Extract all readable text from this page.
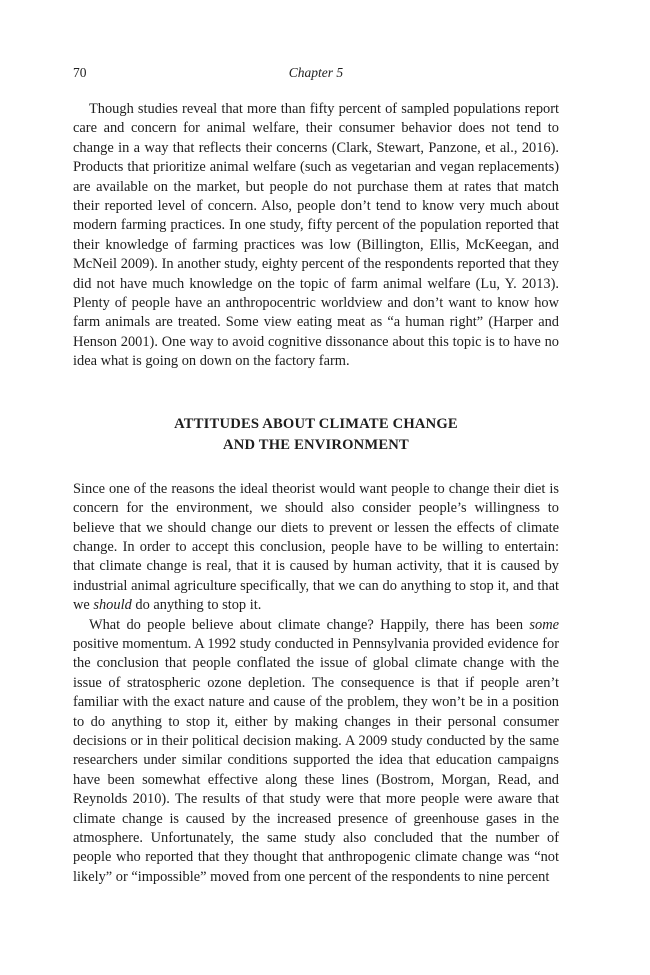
70	Chapter 5

Though studies reveal that more than fifty percent of sampled populations report care and concern for animal welfare, their consumer behavior does not tend to change in a way that reflects their concerns (Clark, Stewart, Panzone, et al., 2016). Products that prioritize animal welfare (such as vegetarian and vegan replacements) are available on the market, but people do not purchase them at rates that match their reported level of concern. Also, people don’t tend to know very much about modern farming practices. In one study, fifty percent of the population reported that their knowledge of farming practices was low (Billington, Ellis, McKeegan, and McNeil 2009). In another study, eighty percent of the respondents reported that they did not have much knowledge on the topic of farm animal welfare (Lu, Y. 2013). Plenty of people have an anthropocentric worldview and don’t want to know how farm animals are treated. Some view eating meat as “a human right” (Harper and Henson 2001). One way to avoid cognitive dissonance about this topic is to have no idea what is going on down on the factory farm.

ATTITUDES ABOUT CLIMATE CHANGE
AND THE ENVIRONMENT

Since one of the reasons the ideal theorist would want people to change their diet is concern for the environment, we should also consider people’s willingness to believe that we should change our diets to prevent or lessen the effects of climate change. In order to accept this conclusion, people have to be willing to entertain: that climate change is real, that it is caused by human activity, that it is caused by industrial animal agriculture specifically, that we can do anything to stop it, and that we should do anything to stop it.

What do people believe about climate change? Happily, there has been some positive momentum. A 1992 study conducted in Pennsylvania provided evidence for the conclusion that people conflated the issue of global climate change with the issue of stratospheric ozone depletion. The consequence is that if people aren’t familiar with the exact nature and cause of the problem, they won’t be in a position to do anything to stop it, either by making changes in their personal consumer decisions or in their political decision making. A 2009 study conducted by the same researchers under similar conditions supported the idea that education campaigns have been somewhat effective along these lines (Bostrom, Morgan, Read, and Reynolds 2010). The results of that study were that more people were aware that climate change is caused by the increased presence of greenhouse gases in the atmosphere. Unfortunately, the same study also concluded that the number of people who reported that they thought that anthropogenic climate change was “not likely” or “impossible” moved from one percent of the respondents to nine percent
